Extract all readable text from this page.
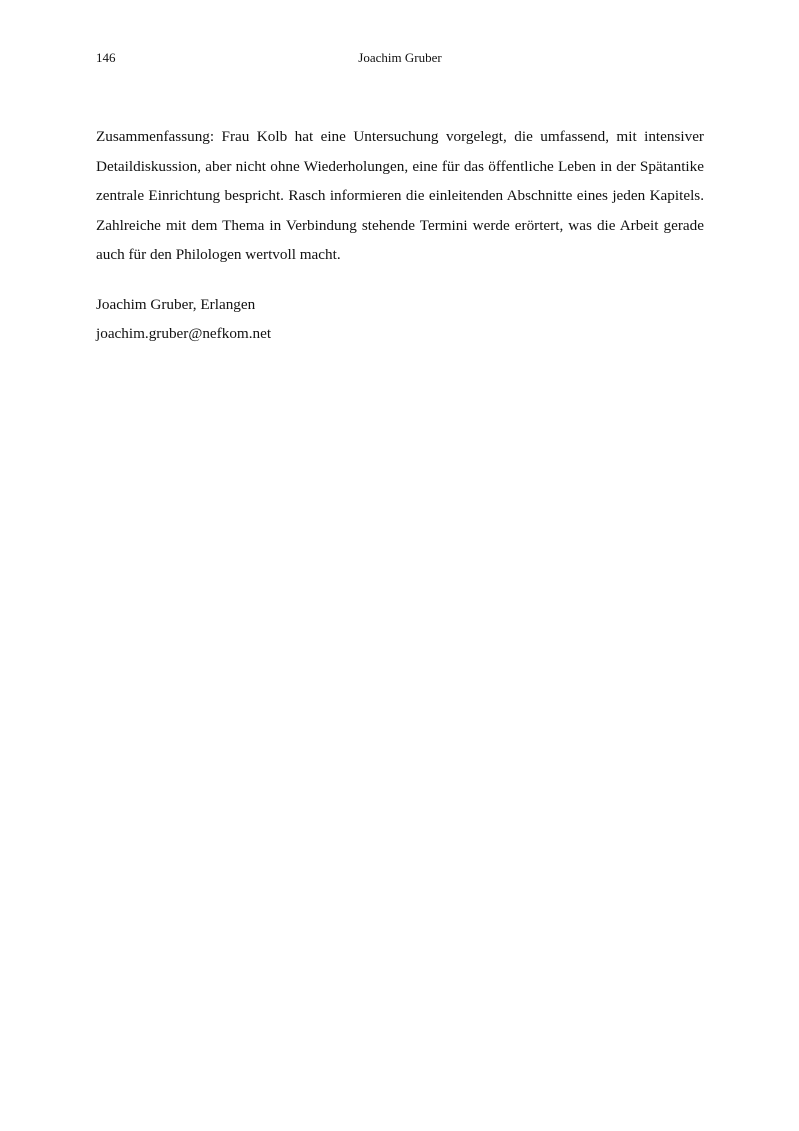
146	Joachim Gruber

Zusammenfassung: Frau Kolb hat eine Untersuchung vorgelegt, die umfassend, mit intensiver Detaildiskussion, aber nicht ohne Wiederholungen, eine für das öffentliche Leben in der Spätantike zentrale Einrichtung bespricht. Rasch informieren die einleitenden Abschnitte eines jeden Kapitels. Zahlreiche mit dem Thema in Verbindung stehende Termini werde erörtert, was die Arbeit gerade auch für den Philologen wertvoll macht.

Joachim Gruber, Erlangen
joachim.gruber@nefkom.net
